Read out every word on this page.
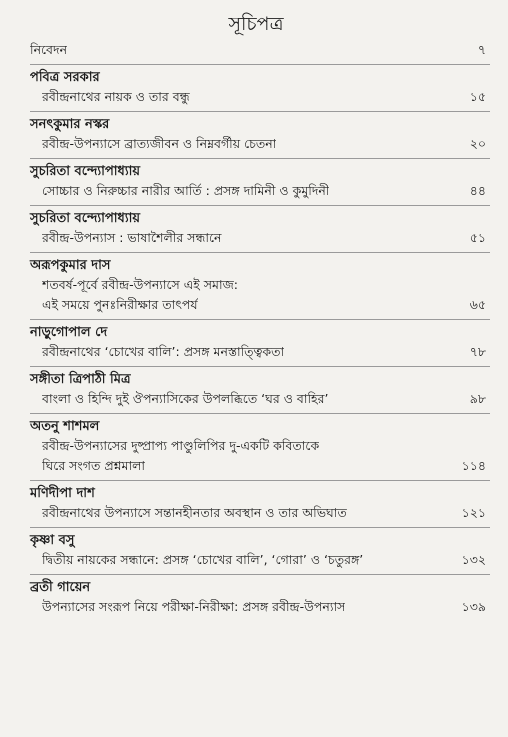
সূচিপত্র
নিবেদন	৭
পবিত্র সরকার
রবীন্দ্রনাথের নায়ক ও তার বন্ধু	১৫
সনৎকুমার নস্কর
রবীন্দ্র-উপন্যাসে ব্রাত্যজীবন ও নিম্নবর্গীয় চেতনা	২০
সুচরিতা বন্দ্যোপাধ্যায়
সোচ্চার ও নিরুচ্চার নারীর আর্তি : প্রসঙ্গ দামিনী ও কুমুদিনী	৪৪
সুচরিতা বন্দ্যোপাধ্যায়
রবীন্দ্র-উপন্যাস : ভাষাশৈলীর সন্ধানে	৫১
অরূপকুমার দাস
শতবর্ষ-পূর্বে রবীন্দ্র-উপন্যাসে এই সমাজ:
এই সময়ে পুনঃনিরীক্ষার তাৎপর্য	৬৫
নাড়ুগোপাল দে
রবীন্দ্রনাথের ‘চোখের বালি’: প্রসঙ্গ মনস্তাত্ত্বিকতা	৭৮
সঙ্গীতা ত্রিপাঠী মিত্র
বাংলা ও হিন্দি দুই ঔপন্যাসিকের উপলব্ধিতে ‘ঘর ও বাহির’	৯৮
অতনু শাশমল
রবীন্দ্র-উপন্যাসের দুষ্প্রাপ্য পাণ্ডুলিপির দু-একটি কবিতাকে
ঘিরে সংগত প্রশ্নমালা	১১৪
মণিদীপা দাশ
রবীন্দ্রনাথের উপন্যাসে সন্তানহীনতার অবস্থান ও তার অভিঘাত	১২১
কৃষ্ণা বসু
দ্বিতীয় নায়কের সন্ধানে: প্রসঙ্গ ‘চোখের বালি’, ‘গোরা’ ও ‘চতুরঙ্গ’	১৩২
ব্রতী গায়েন
উপন্যাসের সংরূপ নিয়ে পরীক্ষা-নিরীক্ষা: প্রসঙ্গ রবীন্দ্র-উপন্যাস	১৩৯
